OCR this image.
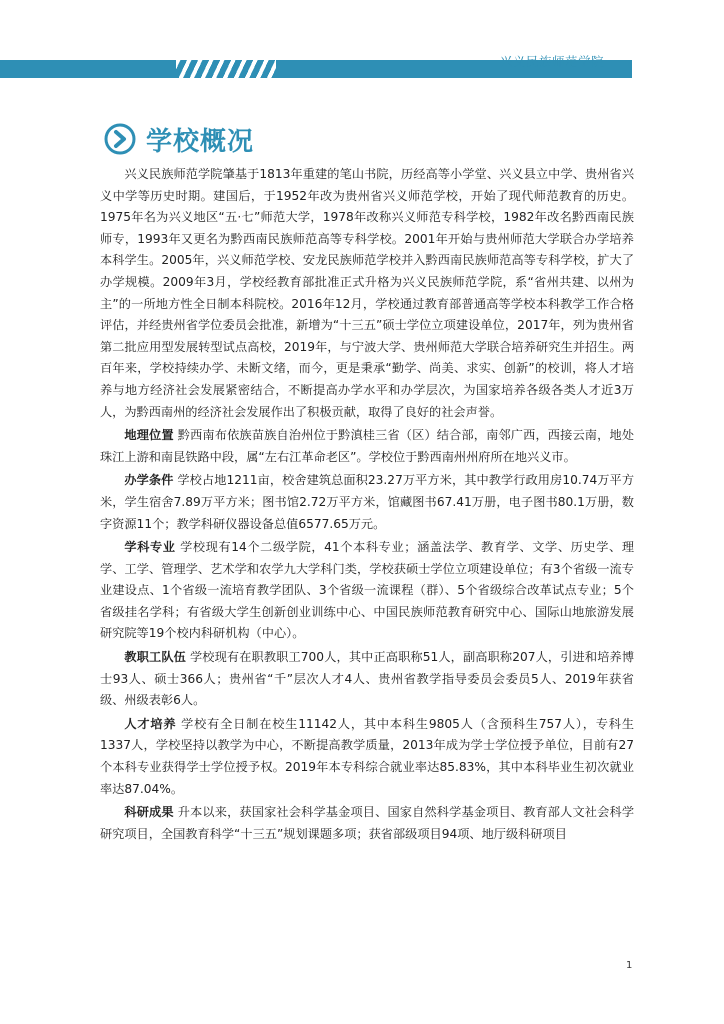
兴义民族师范学院
学校概况

兴义民族师范学院肇基于1813年重建的笔山书院，历经高等小学堂、兴义县立中学、贵州省兴义中学等历史时期。建国后，于1952年改为贵州省兴义师范学校，开始了现代师范教育的历史。1975年名为兴义地区“五·七”师范大学，1978年改称兴义师范专科学校，1982年改名黔西南民族师专，1993年又更名为黔西南民族师范高等专科学校。2001年开始与贵州师范大学联合办学培养本科学生。2005年，兴义师范学校、安龙民族师范学校并入黔西南民族师范高等专科学校，扩大了办学规模。2009年3月，学校经教育部批准正式升格为兴义民族师范学院，系“省州共建、以州为主”的一所地方性全日制本科院校。2016年12月，学校通过教育部普通高等学校本科教学工作合格评估，并经贵州省学位委员会批准，新增为“十三五”硕士学位立项建设单位，2017年，列为贵州省第二批应用型发展转型试点高校，2019年，与宁波大学、贵州师范大学联合培养研究生并招生。两百年来，学校持续办学、未断文绪，而今，更是秉承“勤学、尚美、求实、创新”的校训，将人才培养与地方经济社会发展紧密结合，不断提高办学水平和办学层次，为国家培养各级各类人才近3万人，为黔西南州的经济社会发展作出了积极贡献，取得了良好的社会声誉。

地理位置 黔西南布依族苗族自治州位于黔滇桂三省（区）结合部，南邻广西，西接云南，地处珠江上游和南昆铁路中段，属“左右江革命老区”。学校位于黔西南州州府所在地兴义市。

办学条件 学校占地1211亩，校舍建筑总面积23.27万平方米，其中教学行政用房10.74万平方米，学生宿舍7.89万平方米；图书馆2.72万平方米，馆藏图书67.41万册，电子图书80.1万册，数字资源11个；教学科研仪器设备总值6577.65万元。

学科专业 学校现有14个二级学院，41个本科专业；涵盖法学、教育学、文学、历史学、理学、工学、管理学、艺术学和农学九大学科门类，学校获硕士学位立项建设单位；有3个省级一流专业建设点、1个省级一流培育教学团队、3个省级一流课程（群）、5个省级综合改革试点专业；5个省级挂名学科；有省级大学生创新创业训练中心、中国民族师范教育研究中心、国际山地旅游发展研究院等19个校内科研机构（中心）。

教职工队伍 学校现有在职教职工700人，其中正高职称51人，副高职称207人，引进和培养博士93人、硕士366人；贵州省“千”层次人才4人、贵州省教学指导委员会委员5人、2019年获省级、州级表彰6人。

人才培养 学校有全日制在校生11142人，其中本科生9805人（含预科生757人），专科生1337人，学校坚持以教学为中心，不断提高教学质量，2013年成为学士学位授予单位，目前有27个本科专业获得学士学位授予权。2019年本专科综合就业率达85.83%，其中本科毕业生初次就业率达87.04%。

科研成果 升本以来，获国家社会科学基金项目、国家自然科学基金项目、教育部人文社会科学研究项目，全国教育科学“十三五”规划课题多项；获省部级项目94项、地厅级科研项目

1
